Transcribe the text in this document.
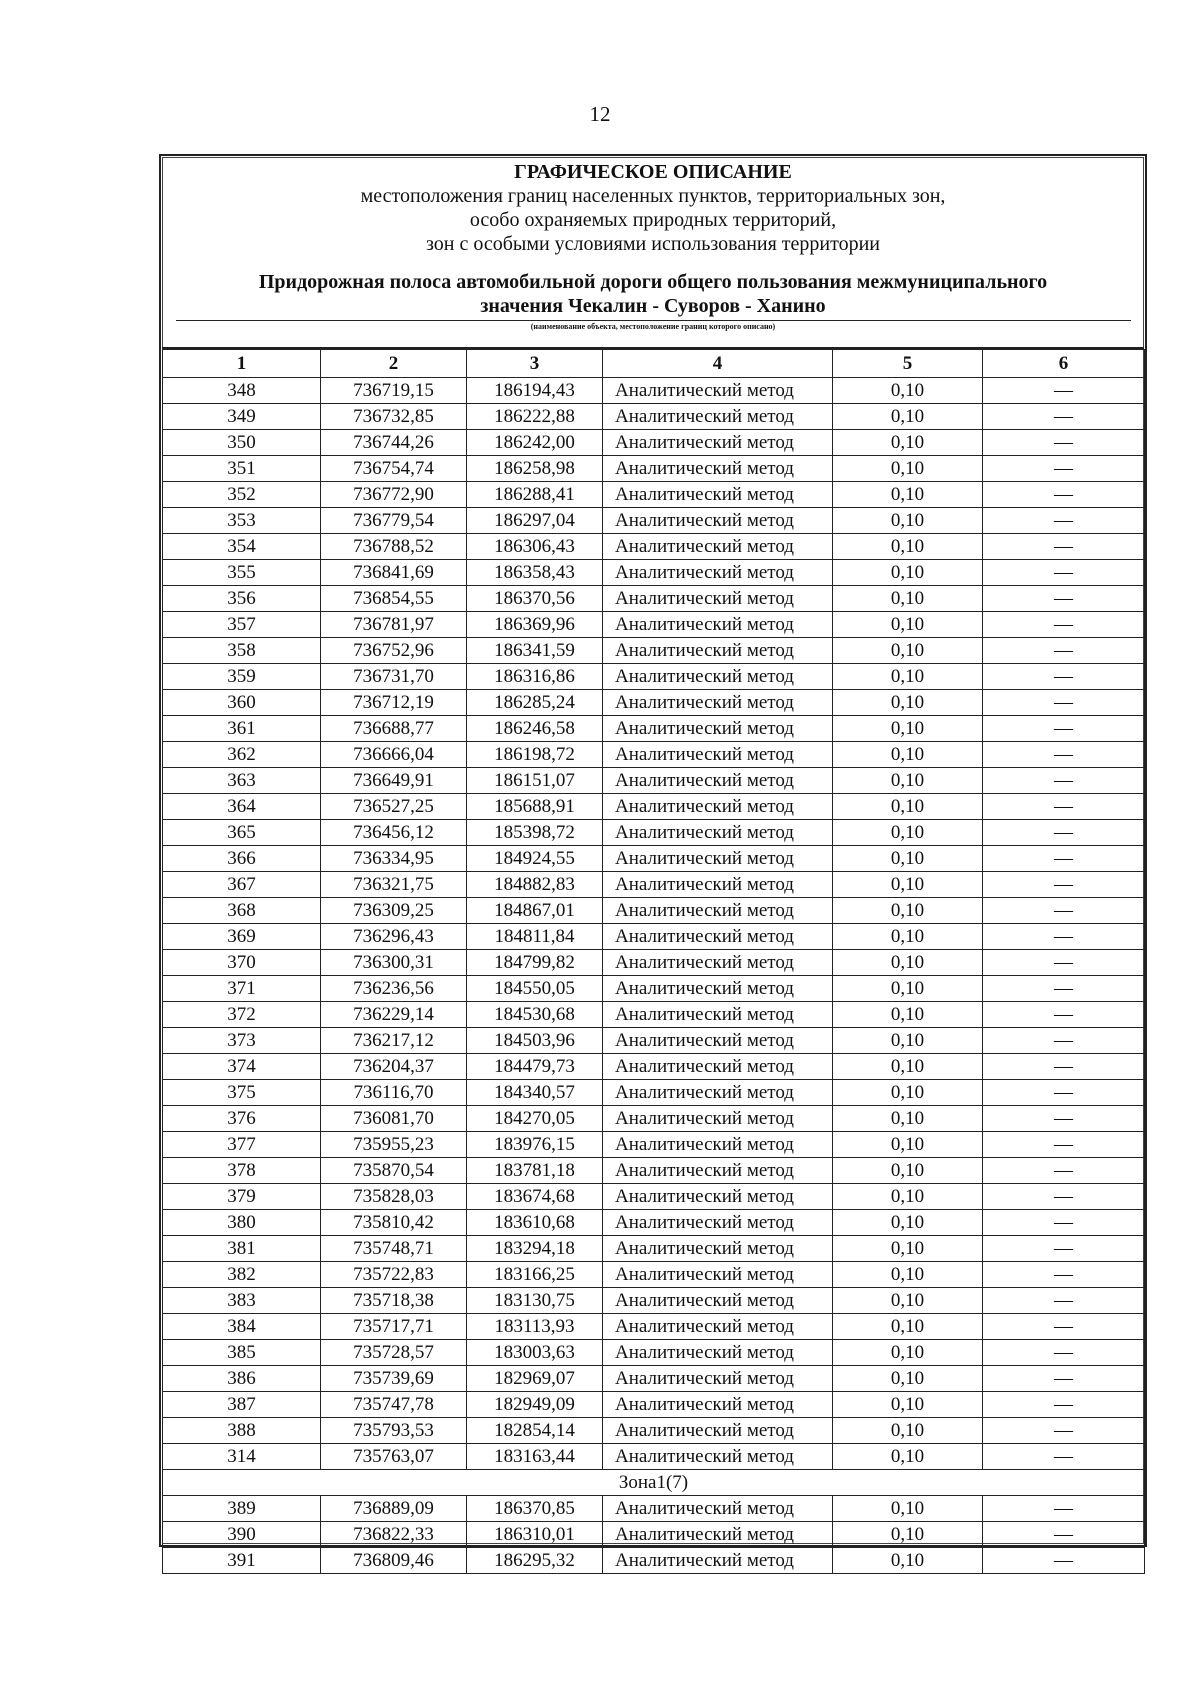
12
ГРАФИЧЕСКОЕ ОПИСАНИЕ
местоположения границ населенных пунктов, территориальных зон,
особо охраняемых природных территорий,
зон с особыми условиями использования территории
Придорожная полоса автомобильной дороги общего пользования межмуниципального
значения Чекалин - Суворов - Ханино
(наименование объекта, местоположение границ которого описано)
1	2	3	4	5	6
348	736719,15	186194,43	Аналитический метод	0,10	—
349	736732,85	186222,88	Аналитический метод	0,10	—
350	736744,26	186242,00	Аналитический метод	0,10	—
351	736754,74	186258,98	Аналитический метод	0,10	—
352	736772,90	186288,41	Аналитический метод	0,10	—
353	736779,54	186297,04	Аналитический метод	0,10	—
354	736788,52	186306,43	Аналитический метод	0,10	—
355	736841,69	186358,43	Аналитический метод	0,10	—
356	736854,55	186370,56	Аналитический метод	0,10	—
357	736781,97	186369,96	Аналитический метод	0,10	—
358	736752,96	186341,59	Аналитический метод	0,10	—
359	736731,70	186316,86	Аналитический метод	0,10	—
360	736712,19	186285,24	Аналитический метод	0,10	—
361	736688,77	186246,58	Аналитический метод	0,10	—
362	736666,04	186198,72	Аналитический метод	0,10	—
363	736649,91	186151,07	Аналитический метод	0,10	—
364	736527,25	185688,91	Аналитический метод	0,10	—
365	736456,12	185398,72	Аналитический метод	0,10	—
366	736334,95	184924,55	Аналитический метод	0,10	—
367	736321,75	184882,83	Аналитический метод	0,10	—
368	736309,25	184867,01	Аналитический метод	0,10	—
369	736296,43	184811,84	Аналитический метод	0,10	—
370	736300,31	184799,82	Аналитический метод	0,10	—
371	736236,56	184550,05	Аналитический метод	0,10	—
372	736229,14	184530,68	Аналитический метод	0,10	—
373	736217,12	184503,96	Аналитический метод	0,10	—
374	736204,37	184479,73	Аналитический метод	0,10	—
375	736116,70	184340,57	Аналитический метод	0,10	—
376	736081,70	184270,05	Аналитический метод	0,10	—
377	735955,23	183976,15	Аналитический метод	0,10	—
378	735870,54	183781,18	Аналитический метод	0,10	—
379	735828,03	183674,68	Аналитический метод	0,10	—
380	735810,42	183610,68	Аналитический метод	0,10	—
381	735748,71	183294,18	Аналитический метод	0,10	—
382	735722,83	183166,25	Аналитический метод	0,10	—
383	735718,38	183130,75	Аналитический метод	0,10	—
384	735717,71	183113,93	Аналитический метод	0,10	—
385	735728,57	183003,63	Аналитический метод	0,10	—
386	735739,69	182969,07	Аналитический метод	0,10	—
387	735747,78	182949,09	Аналитический метод	0,10	—
388	735793,53	182854,14	Аналитический метод	0,10	—
314	735763,07	183163,44	Аналитический метод	0,10	—
Зона1(7)					
389	736889,09	186370,85	Аналитический метод	0,10	—
390	736822,33	186310,01	Аналитический метод	0,10	—
391	736809,46	186295,32	Аналитический метод	0,10	—
